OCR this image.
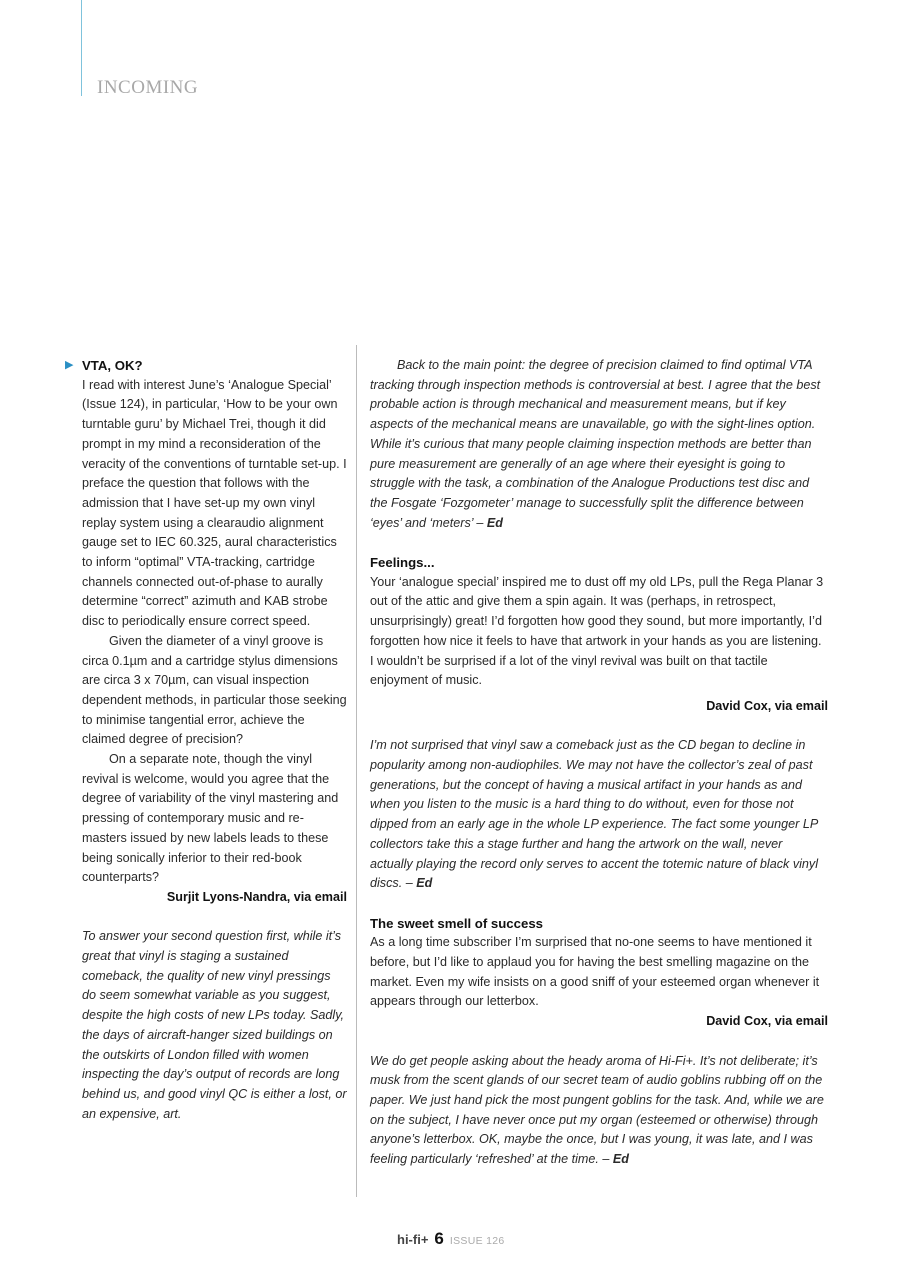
INCOMING
▶ VTA, OK?

I read with interest June’s ‘Analogue Special’ (Issue 124), in particular, ‘How to be your own turntable guru’ by Michael Trei, though it did prompt in my mind a reconsideration of the veracity of the conventions of turntable set-up. I preface the question that follows with the admission that I have set-up my own vinyl replay system using a clearaudio alignment gauge set to IEC 60.325, aural characteristics to inform “optimal” VTA-tracking, cartridge channels connected out-of-phase to aurally determine “correct” azimuth and KAB strobe disc to periodically ensure correct speed.

Given the diameter of a vinyl groove is circa 0.1µm and a cartridge stylus dimensions are circa 3 x 70µm, can visual inspection dependent methods, in particular those seeking to minimise tangential error, achieve the claimed degree of precision?

On a separate note, though the vinyl revival is welcome, would you agree that the degree of variability of the vinyl mastering and pressing of contemporary music and re-masters issued by new labels leads to these being sonically inferior to their red-book counterparts?

Surjit Lyons-Nandra, via email

To answer your second question first, while it’s great that vinyl is staging a sustained comeback, the quality of new vinyl pressings do seem somewhat variable as you suggest, despite the high costs of new LPs today. Sadly, the days of aircraft-hanger sized buildings on the outskirts of London filled with women inspecting the day’s output of records are long behind us, and good vinyl QC is either a lost, or an expensive, art.

Back to the main point: the degree of precision claimed to find optimal VTA tracking through inspection methods is controversial at best. I agree that the best probable action is through mechanical and measurement means, but if key aspects of the mechanical means are unavailable, go with the sight-lines option. While it’s curious that many people claiming inspection methods are better than pure measurement are generally of an age where their eyesight is going to struggle with the task, a combination of the Analogue Productions test disc and the Fosgate ‘Fozgometer’ manage to successfully split the difference between ‘eyes’ and ‘meters’ – Ed

Feelings...

Your ‘analogue special’ inspired me to dust off my old LPs, pull the Rega Planar 3 out of the attic and give them a spin again. It was (perhaps, in retrospect, unsurprisingly) great! I’d forgotten how good they sound, but more importantly, I’d forgotten how nice it feels to have that artwork in your hands as you are listening. I wouldn’t be surprised if a lot of the vinyl revival was built on that tactile enjoyment of music.

David Cox, via email

I’m not surprised that vinyl saw a comeback just as the CD began to decline in popularity among non-audiophiles. We may not have the collector’s zeal of past generations, but the concept of having a musical artifact in your hands as and when you listen to the music is a hard thing to do without, even for those not dipped from an early age in the whole LP experience. The fact some younger LP collectors take this a stage further and hang the artwork on the wall, never actually playing the record only serves to accent the totemic nature of black vinyl discs. – Ed

The sweet smell of success

As a long time subscriber I’m surprised that no-one seems to have mentioned it before, but I’d like to applaud you for having the best smelling magazine on the market. Even my wife insists on a good sniff of your esteemed organ whenever it appears through our letterbox.

David Cox, via email

We do get people asking about the heady aroma of Hi-Fi+. It’s not deliberate; it’s musk from the scent glands of our secret team of audio goblins rubbing off on the paper. We just hand pick the most pungent goblins for the task. And, while we are on the subject, I have never once put my organ (esteemed or otherwise) through anyone’s letterbox. OK, maybe the once, but I was young, it was late, and I was feeling particularly ‘refreshed’ at the time. – Ed

hi-fi+ 6 ISSUE 126
